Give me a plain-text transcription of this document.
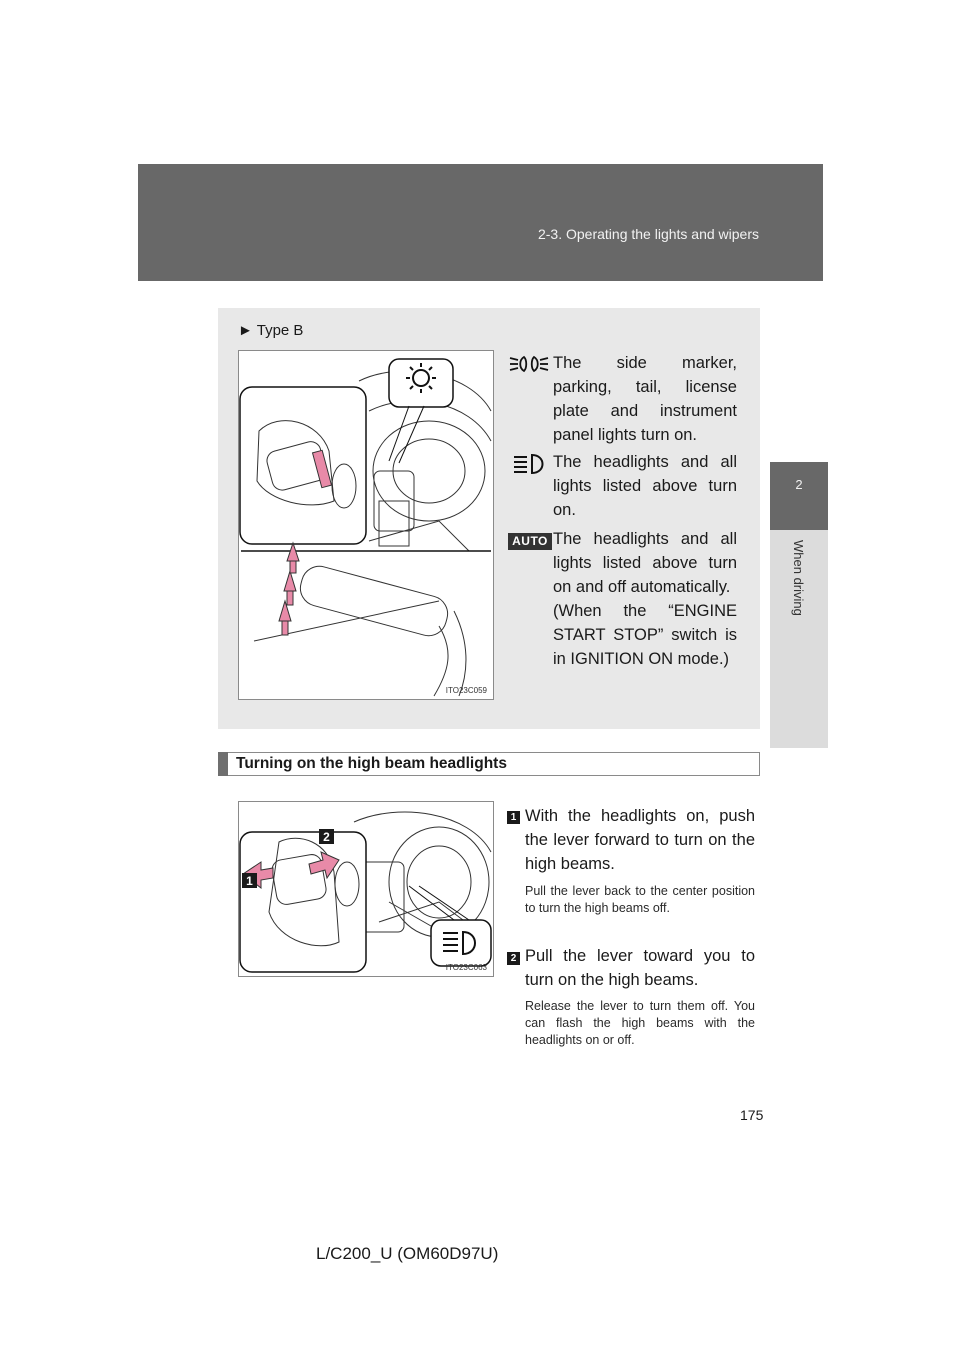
2-3. Operating the lights and wipers
2
When driving
► Type B
ITO23C059
The side marker, parking, tail, license plate and instrument panel lights turn on.
The headlights and all lights listed above turn on.
AUTO The headlights and all lights listed above turn on and off automatically.
(When the “ENGINE START STOP” switch is in IGNITION ON mode.)
Turning on the high beam headlights
1
2
ITO23C063
1 With the headlights on, push the lever forward to turn on the high beams.
Pull the lever back to the center position to turn the high beams off.
2 Pull the lever toward you to turn on the high beams.
Release the lever to turn them off. You can flash the high beams with the headlights on or off.
175
L/C200_U (OM60D97U)
